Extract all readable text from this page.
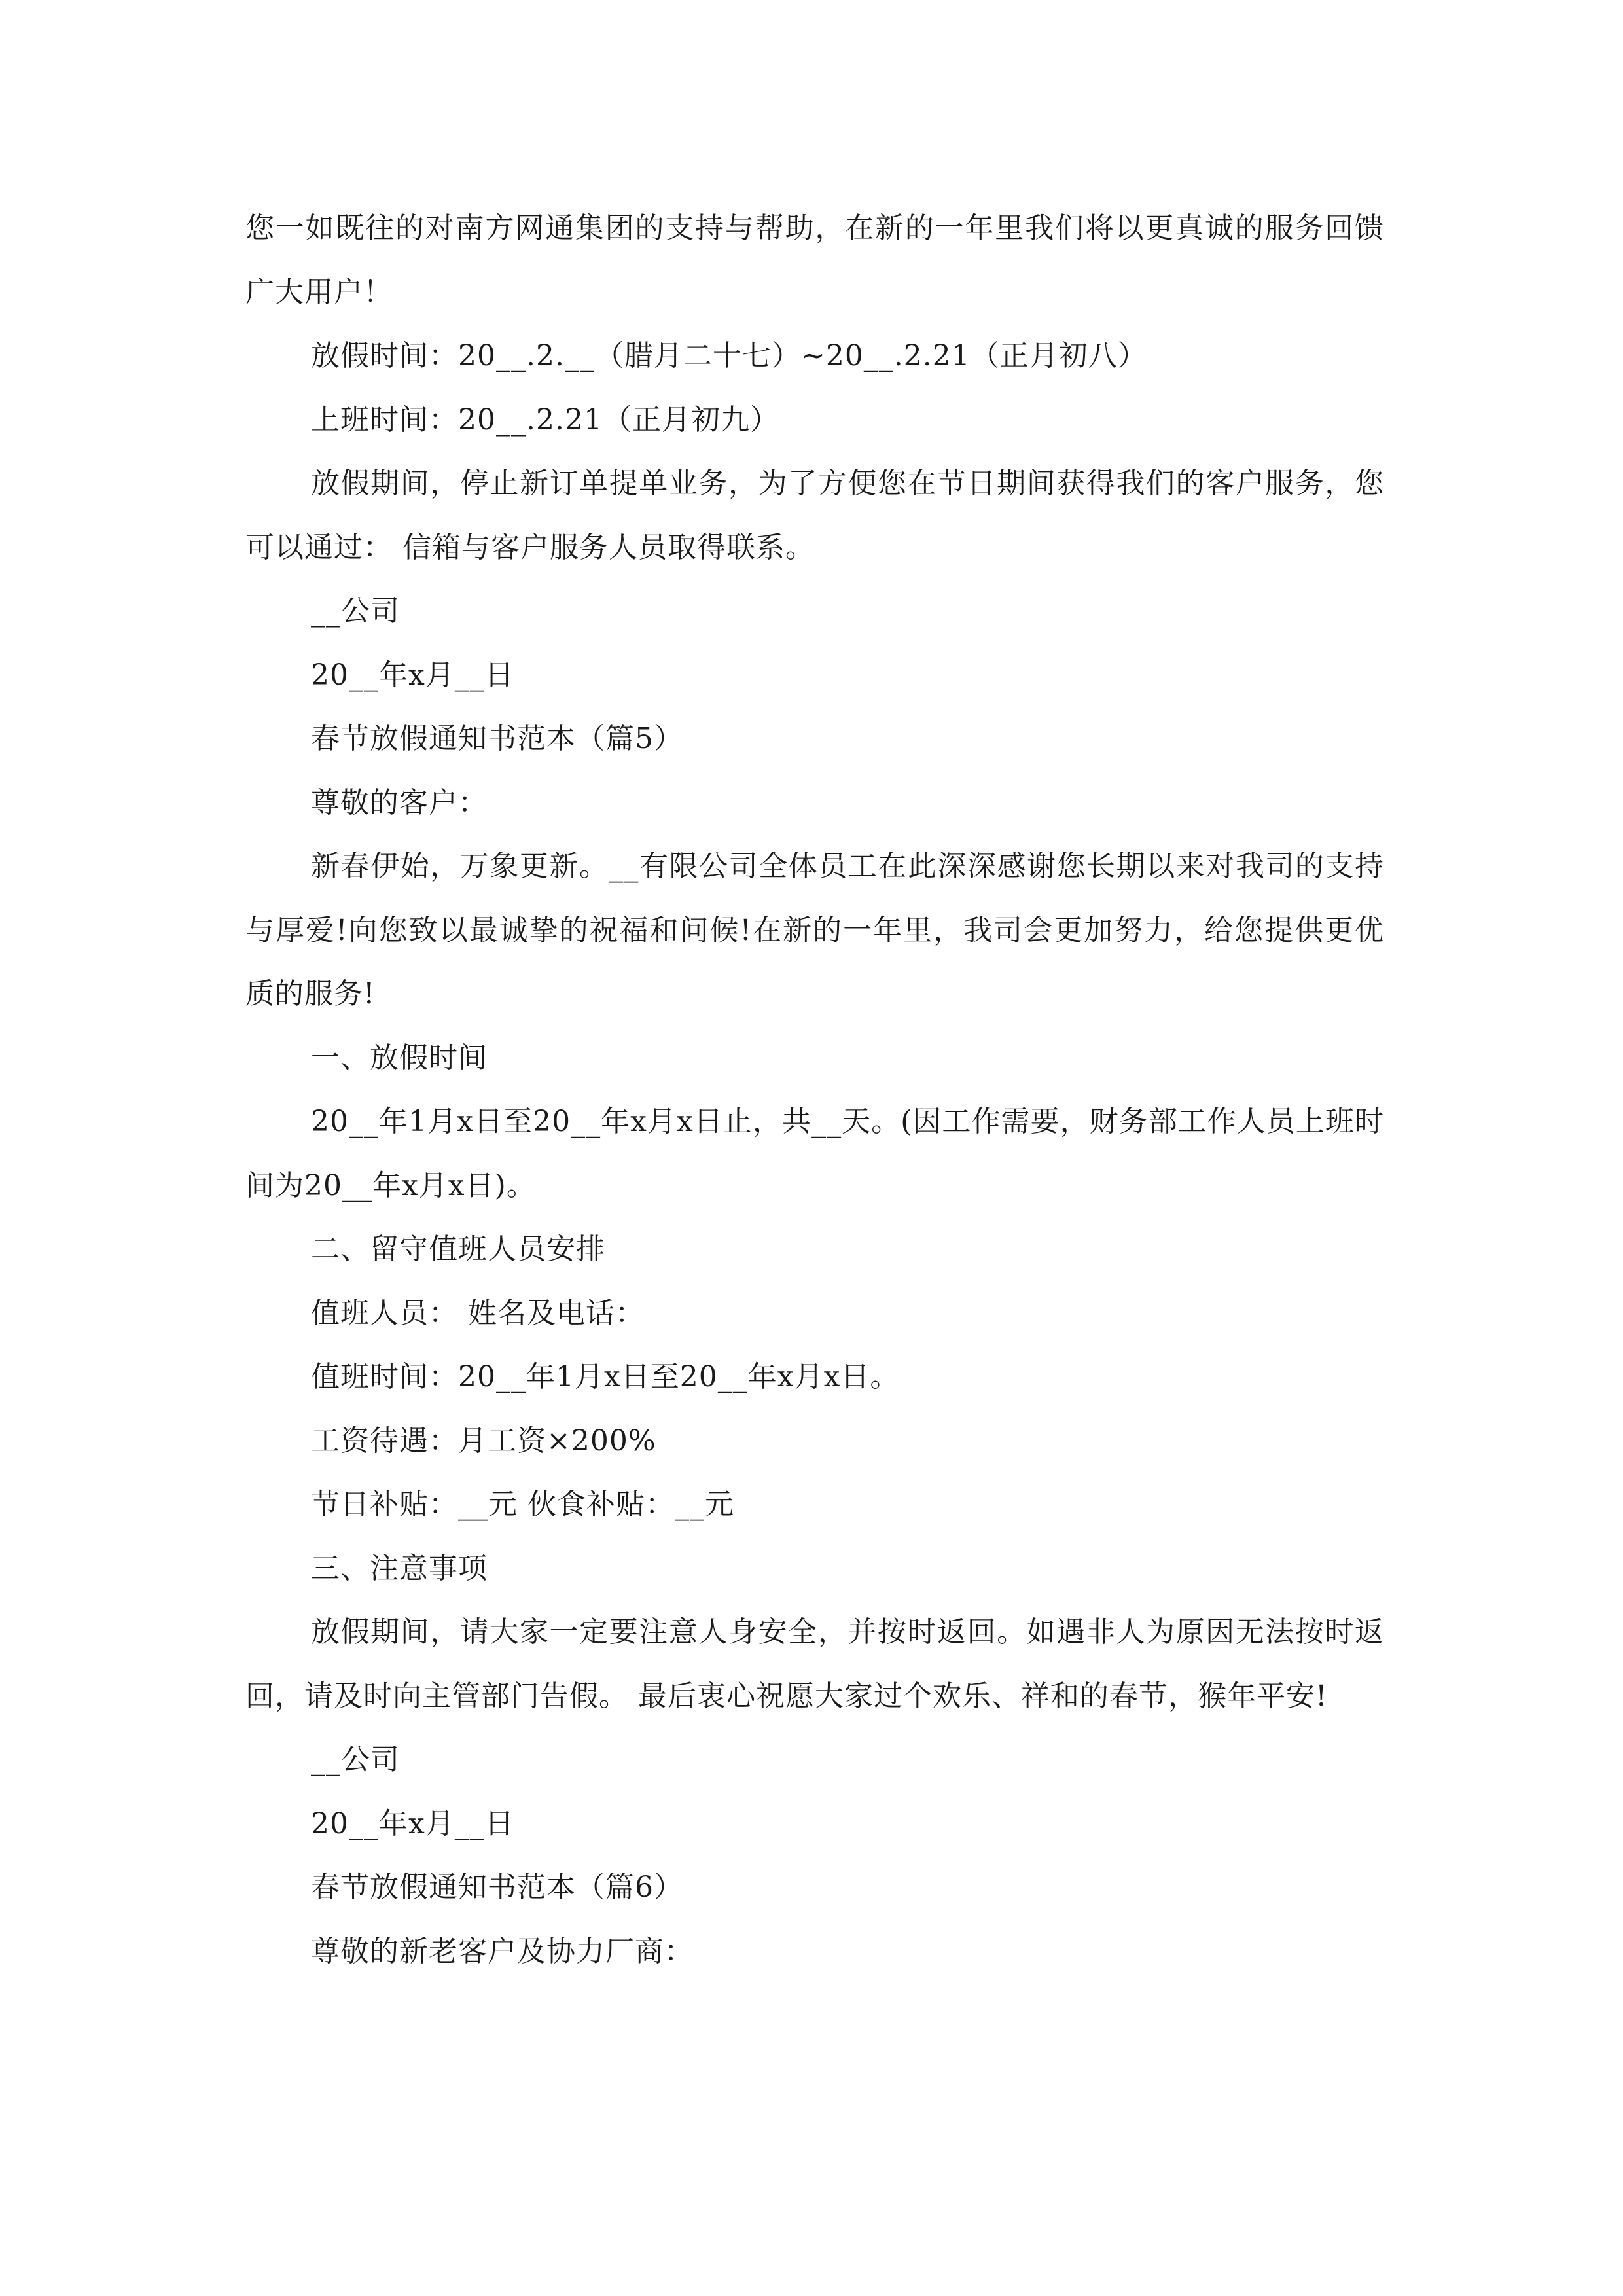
您一如既往的对南方网通集团的支持与帮助，在新的一年里我们将以更真诚的服务回馈广大用户！

放假时间：20__.2.__（腊月二十七）~20__.2.21（正月初八）

上班时间：20__.2.21（正月初九）

放假期间，停止新订单提单业务，为了方便您在节日期间获得我们的客户服务，您可以通过： 信箱与客户服务人员取得联系。

__公司

20__年x月__日

春节放假通知书范本（篇5）

尊敬的客户：

新春伊始，万象更新。__有限公司全体员工在此深深感谢您长期以来对我司的支持与厚爱!向您致以最诚挚的祝福和问候!在新的一年里，我司会更加努力，给您提供更优质的服务!

一、放假时间

20__年1月x日至20__年x月x日止，共__天。(因工作需要，财务部工作人员上班时间为20__年x月x日)。

二、留守值班人员安排

值班人员： 姓名及电话：

值班时间：20__年1月x日至20__年x月x日。

工资待遇：月工资×200%

节日补贴：__元 伙食补贴：__元

三、注意事项

放假期间，请大家一定要注意人身安全，并按时返回。如遇非人为原因无法按时返回，请及时向主管部门告假。 最后衷心祝愿大家过个欢乐、祥和的春节，猴年平安!

__公司

20__年x月__日

春节放假通知书范本（篇6）

尊敬的新老客户及协力厂商：
